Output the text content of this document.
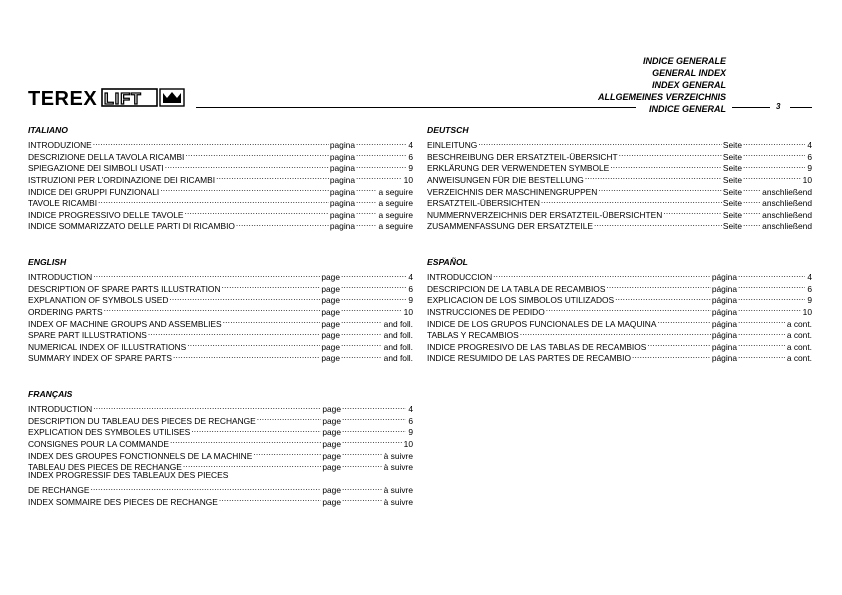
INDICE GENERALE
GENERAL INDEX
INDEX GENERAL
ALLGEMEINES VERZEICHNIS
INDICE GENERAL
TEREX LIFT	3
ITALIANO
INTRODUZIONE .....	pagina .....	4
DESCRIZIONE DELLA TAVOLA RICAMBI .....	pagina .....	6
SPIEGAZIONE DEI SIMBOLI USATI .....	pagina .....	9
ISTRUZIONI PER L’ORDINAZIONE DEI RICAMBI .....	pagina .....	10
INDICE DEI GRUPPI FUNZIONALI .....	pagina .....	a seguire
TAVOLE RICAMBI .....	pagina .....	a seguire
INDICE PROGRESSIVO DELLE TAVOLE .....	pagina .....	a seguire
INDICE SOMMARIZZATO DELLE PARTI DI RICAMBIO .....	pagina .....	a seguire
DEUTSCH
EINLEITUNG .....	Seite .....	4
BESCHREIBUNG DER ERSATZTEIL-ÜBERSICHT .....	Seite .....	6
ERKLÄRUNG DER VERWENDETEN SYMBOLE .....	Seite .....	9
ANWEISUNGEN FÜR DIE BESTELLUNG .....	Seite .....	10
VERZEICHNIS DER MASCHINENGRUPPEN .....	Seite ..... anschließend
ERSATZTEIL-ÜBERSICHTEN .....	Seite ..... anschließend
NUMMERNVERZEICHNIS DER ERSATZTEIL-ÜBERSICHTEN .....	Seite ..... anschließend
ZUSAMMENFASSUNG DER ERSATZTEILE .....	Seite ..... anschließend
ENGLISH
INTRODUCTION .....	page .....	4
DESCRIPTION OF SPARE PARTS ILLUSTRATION .....	page .....	6
EXPLANATION OF SYMBOLS USED .....	page .....	9
ORDERING PARTS .....	page .....	10
INDEX OF MACHINE GROUPS AND ASSEMBLIES .....	page .....	and foll.
SPARE PART ILLUSTRATIONS .....	page .....	and foll.
NUMERICAL INDEX OF ILLUSTRATIONS .....	page .....	and foll.
SUMMARY INDEX OF SPARE PARTS .....	page .....	and foll.
ESPAÑOL
INTRODUCCION .....	página .....	4
DESCRIPCION DE LA TABLA DE RECAMBIOS .....	página .....	6
EXPLICACION DE LOS SIMBOLOS UTILIZADOS .....	página .....	9
INSTRUCCIONES DE PEDIDO .....	página .....	10
INDICE DE LOS GRUPOS FUNCIONALES DE LA MAQUINA .....	página .....	a cont.
TABLAS Y RECAMBIOS .....	página .....	a cont.
INDICE PROGRESIVO DE LAS TABLAS DE RECAMBIOS .....	página .....	a cont.
INDICE RESUMIDO DE LAS PARTES DE RECAMBIO .....	página .....	a cont.
FRANÇAIS
INTRODUCTION .....	page .....	4
DESCRIPTION DU TABLEAU DES PIECES DE RECHANGE .....	page .....	6
EXPLICATION DES SYMBOLES UTILISES .....	page .....	9
CONSIGNES POUR LA COMMANDE .....	page .....	10
INDEX DES GROUPES FONCTIONNELS DE LA MACHINE .....	page .....	à suivre
TABLEAU DES PIECES DE RECHANGE .....	page .....	à suivre
INDEX PROGRESSIF DES TABLEAUX DES PIECES
DE RECHANGE .....	page .....	à suivre
INDEX SOMMAIRE DES PIECES DE RECHANGE .....	page .....	à suivre
